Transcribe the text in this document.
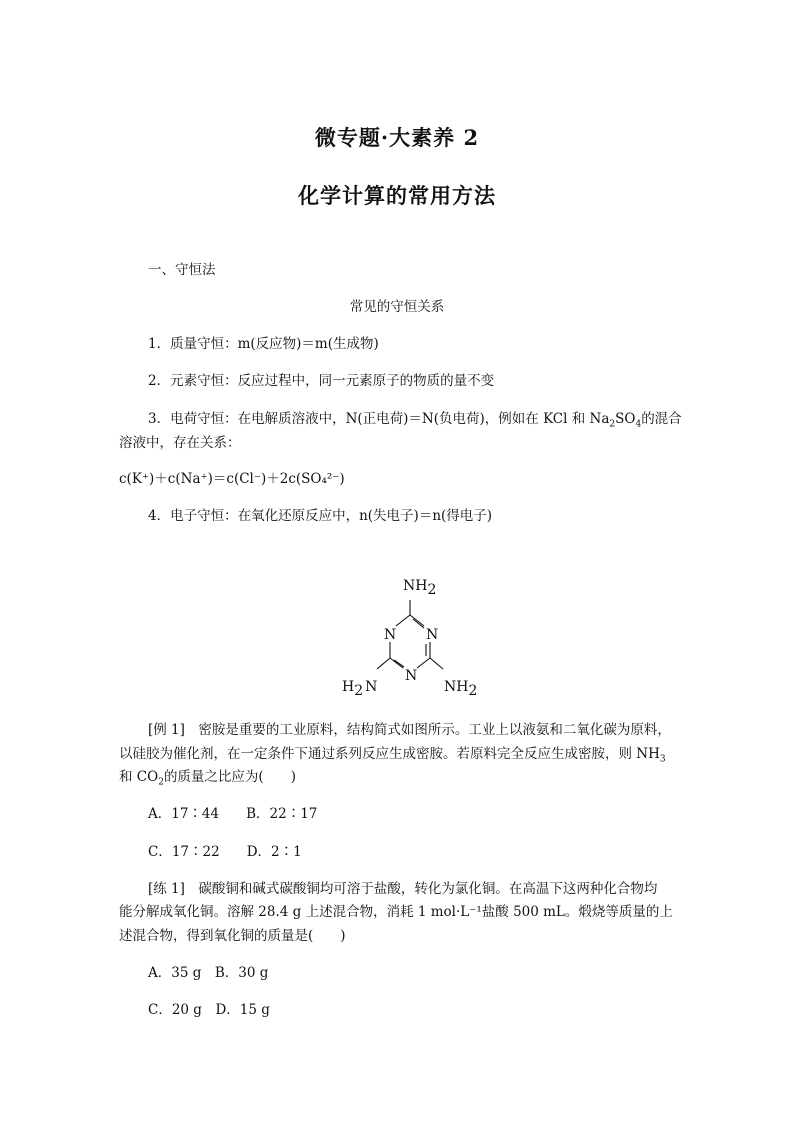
微专题·大素养 2
化学计算的常用方法
一、守恒法
常见的守恒关系
1．质量守恒：m(反应物)＝m(生成物)
2．元素守恒：反应过程中，同一元素原子的物质的量不变
3．电荷守恒：在电解质溶液中，N(正电荷)＝N(负电荷)，例如在 KCl 和 $Na_2SO_4$的混合
溶液中，存在关系：
c(K⁺)＋c(Na⁺)＝c(Cl⁻)＋2c(SO₄²⁻)
4．电子守恒：在氧化还原反应中，n(失电子)＝n(得电子)
NH2
N N
N
H2 N	NH2
[例 1]　密胺是重要的工业原料，结构简式如图所示。工业上以液氨和二氧化碳为原料，
以硅胶为催化剂，在一定条件下通过系列反应生成密胺。若原料完全反应生成密胺，则 $NH_3$
和 $CO_2$的质量之比应为(　　)
A．17∶44　　 B．22∶17
C．17∶22　　 D．2∶1
[练 1]　碳酸铜和碱式碳酸铜均可溶于盐酸，转化为氯化铜。在高温下这两种化合物均
能分解成氧化铜。溶解 28.4 g 上述混合物，消耗 1 mol·L⁻¹盐酸 500 mL。煅烧等质量的上
述混合物，得到氧化铜的质量是(　　)
A．35 g　 B．30 g
C．20 g　 D．15 g
